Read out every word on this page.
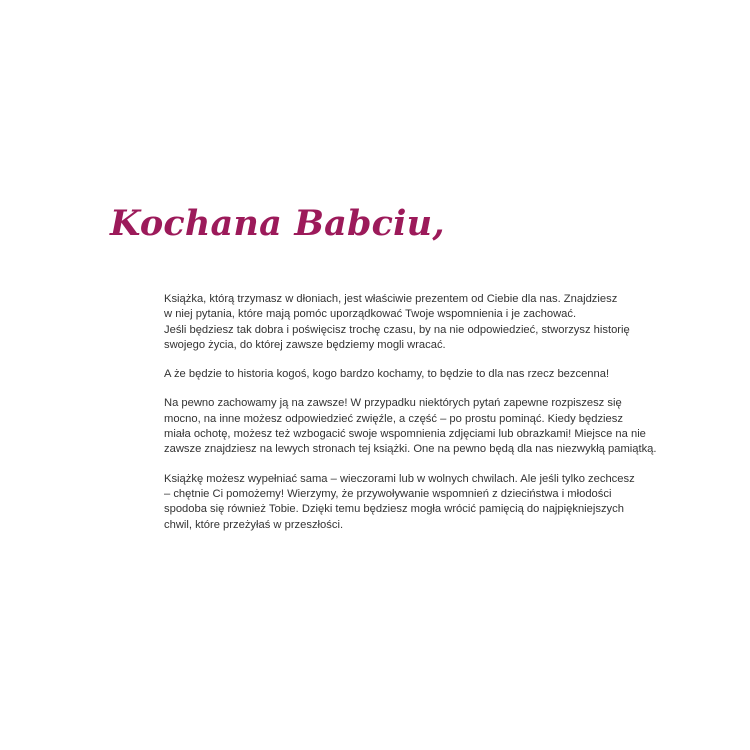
Kochana Babciu,

Książka, którą trzymasz w dłoniach, jest właściwie prezentem od Ciebie dla nas. Znajdziesz
w niej pytania, które mają pomóc uporządkować Twoje wspomnienia i je zachować.
Jeśli będziesz tak dobra i poświęcisz trochę czasu, by na nie odpowiedzieć, stworzysz historię
swojego życia, do której zawsze będziemy mogli wracać.

A że będzie to historia kogoś, kogo bardzo kochamy, to będzie to dla nas rzecz bezcenna!

Na pewno zachowamy ją na zawsze! W przypadku niektórych pytań zapewne rozpiszesz się
mocno, na inne możesz odpowiedzieć zwięźle, a część – po prostu pominąć. Kiedy będziesz
miała ochotę, możesz też wzbogacić swoje wspomnienia zdjęciami lub obrazkami! Miejsce na nie
zawsze znajdziesz na lewych stronach tej książki. One na pewno będą dla nas niezwykłą pamiątką.

Książkę możesz wypełniać sama – wieczorami lub w wolnych chwilach. Ale jeśli tylko zechcesz
– chętnie Ci pomożemy! Wierzymy, że przywoływanie wspomnień z dzieciństwa i młodości
spodoba się również Tobie. Dzięki temu będziesz mogła wrócić pamięcią do najpiękniejszych
chwil, które przeżyłaś w przeszłości.
